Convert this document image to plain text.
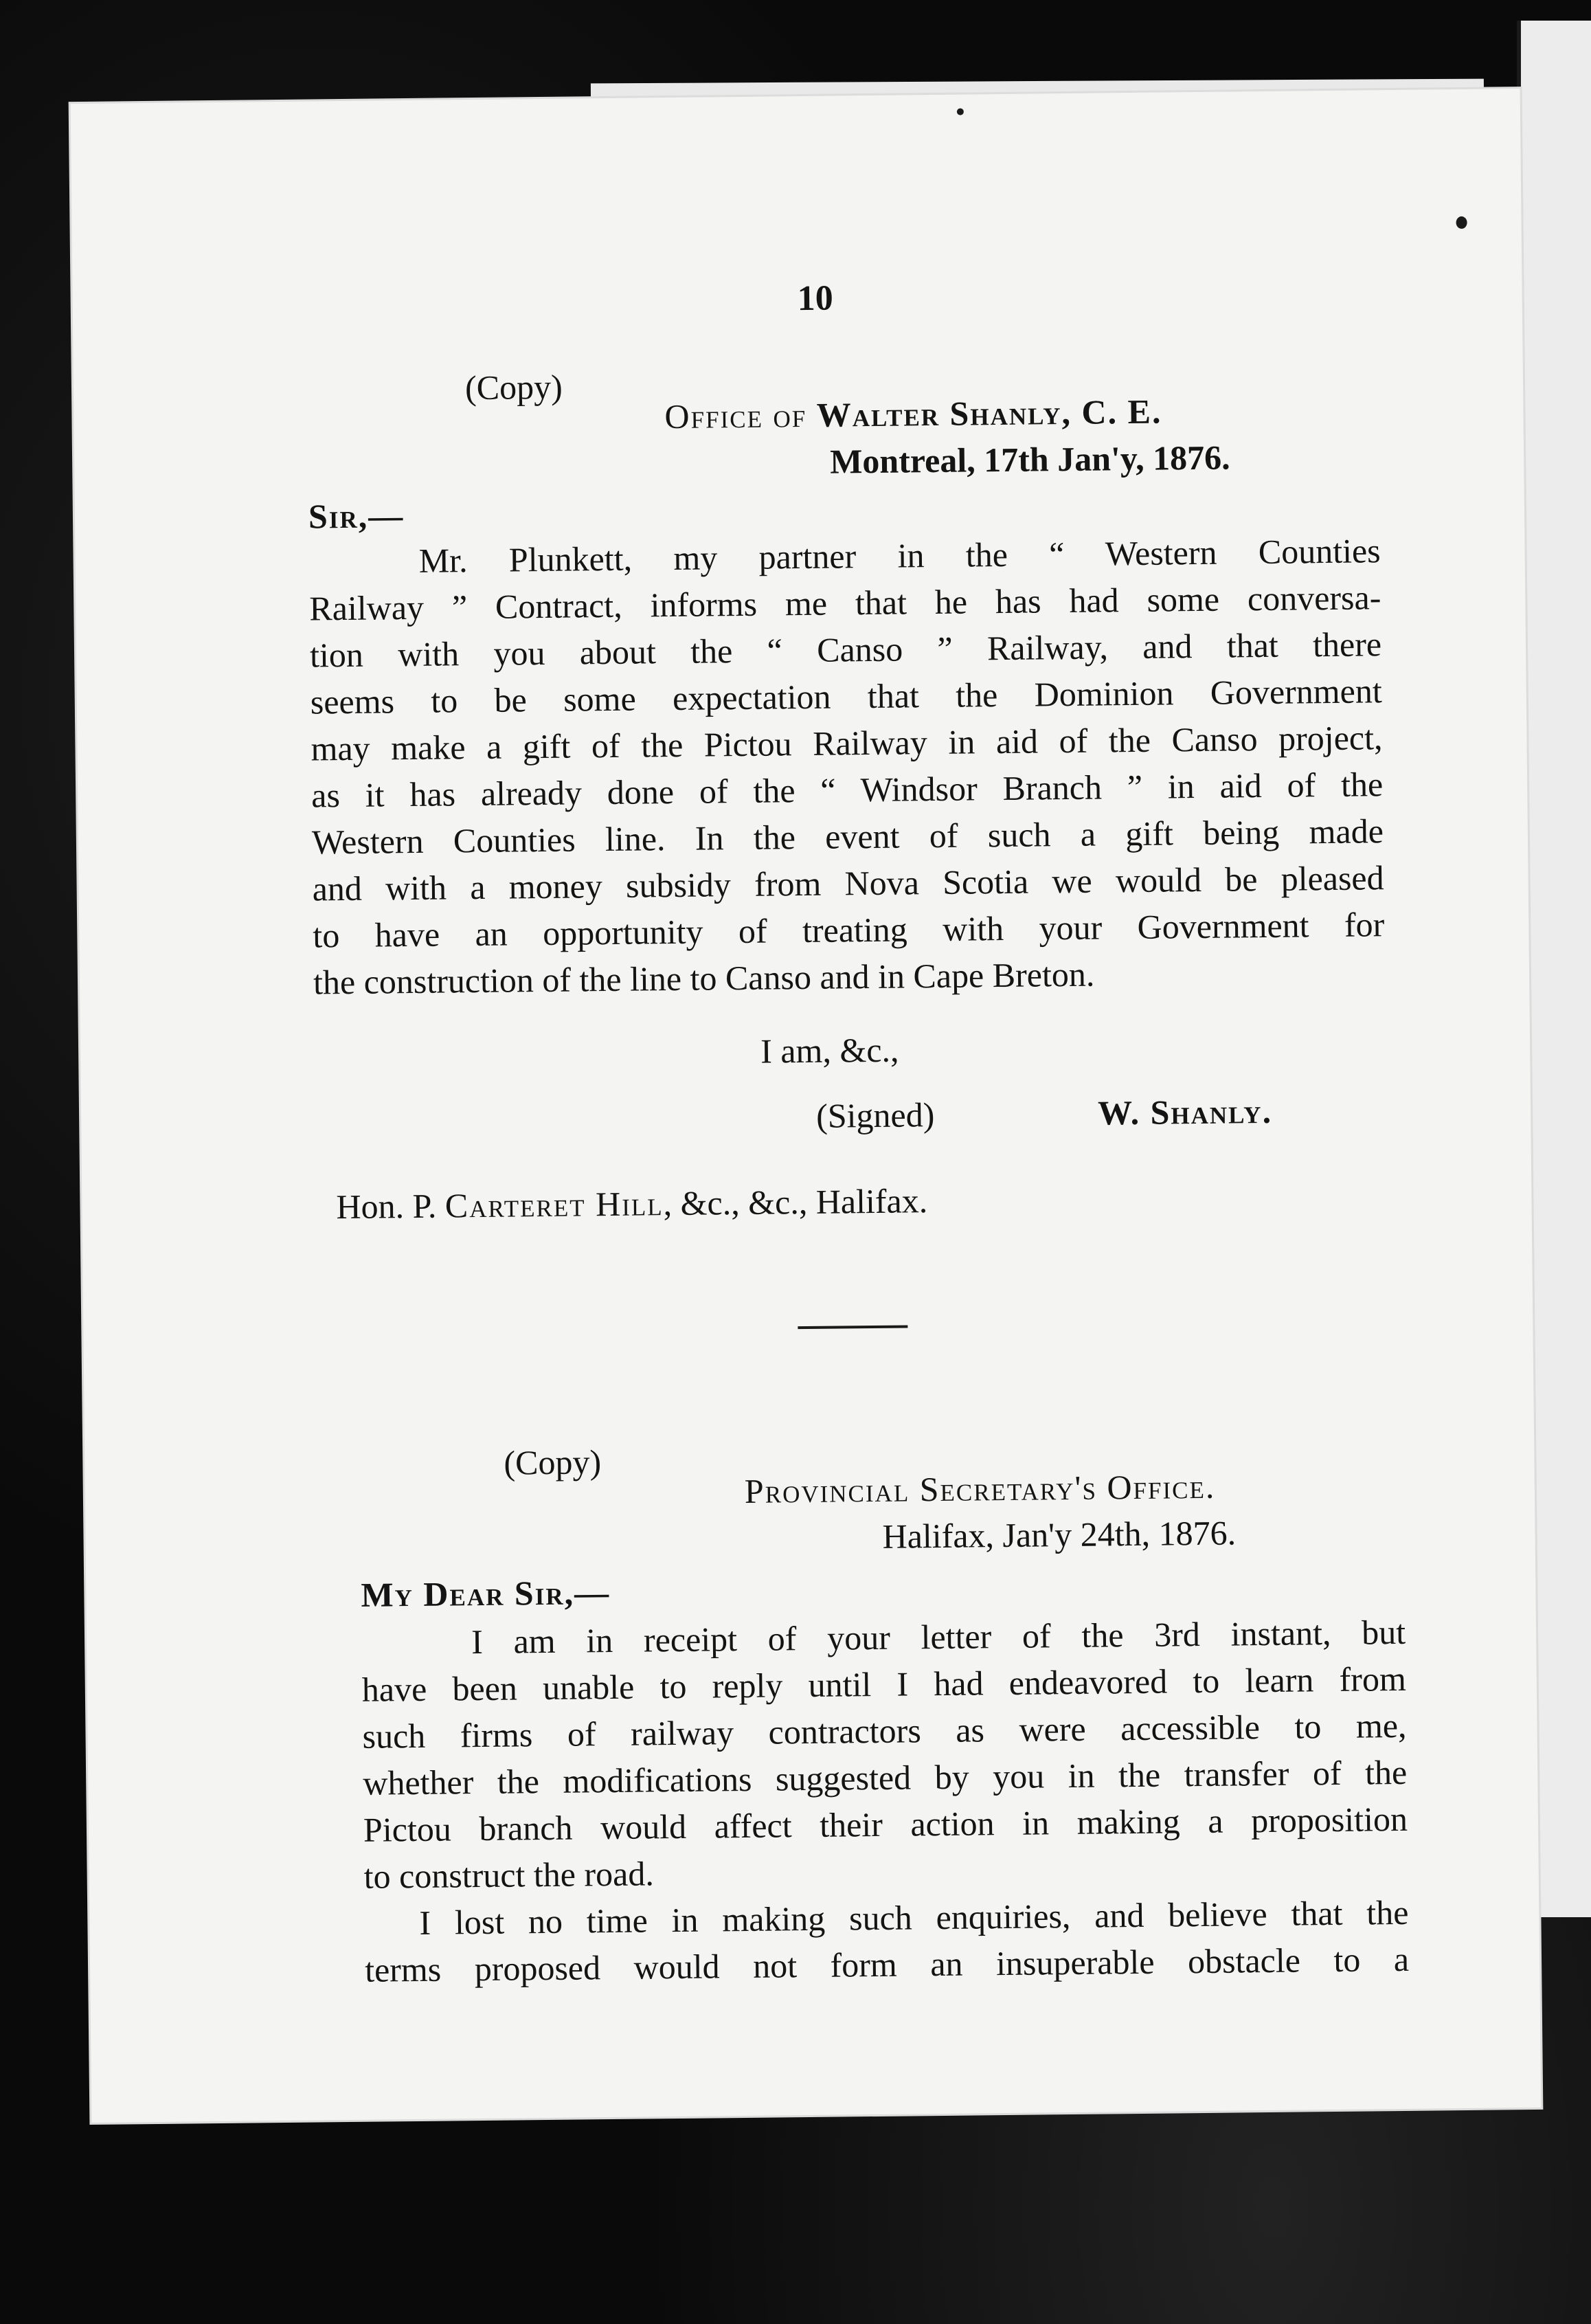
10
(Copy)
Office of Walter Shanly, C. E.
Montreal, 17th Jan'y, 1876.
Sir,—

Mr. Plunkett, my partner in the “ Western Counties

Railway ” Contract, informs me that he has had some conversa-

tion with you about the “ Canso ” Railway, and that there

seems to be some expectation that the Dominion Government

may make a gift of the Pictou Railway in aid of the Canso project,

as it has already done of the “ Windsor Branch ” in aid of the

Western Counties line. In the event of such a gift being made

and with a money subsidy from Nova Scotia we would be pleased

to have an opportunity of treating with your Government for

the construction of the line to Canso and in Cape Breton.

I am, &c.,
(Signed)	W. Shanly.
Hon. P. Carteret Hill, &c., &c., Halifax.
(Copy)
Provincial Secretary's Office.
Halifax, Jan'y 24th, 1876.
My Dear Sir,—

I am in receipt of your letter of the 3rd instant, but

have been unable to reply until I had endeavored to learn from

such firms of railway contractors as were accessible to me,

whether the modifications suggested by you in the transfer of the

Pictou branch would affect their action in making a proposition

to construct the road.

I lost no time in making such enquiries, and believe that the

terms proposed would not form an insuperable obstacle to a
